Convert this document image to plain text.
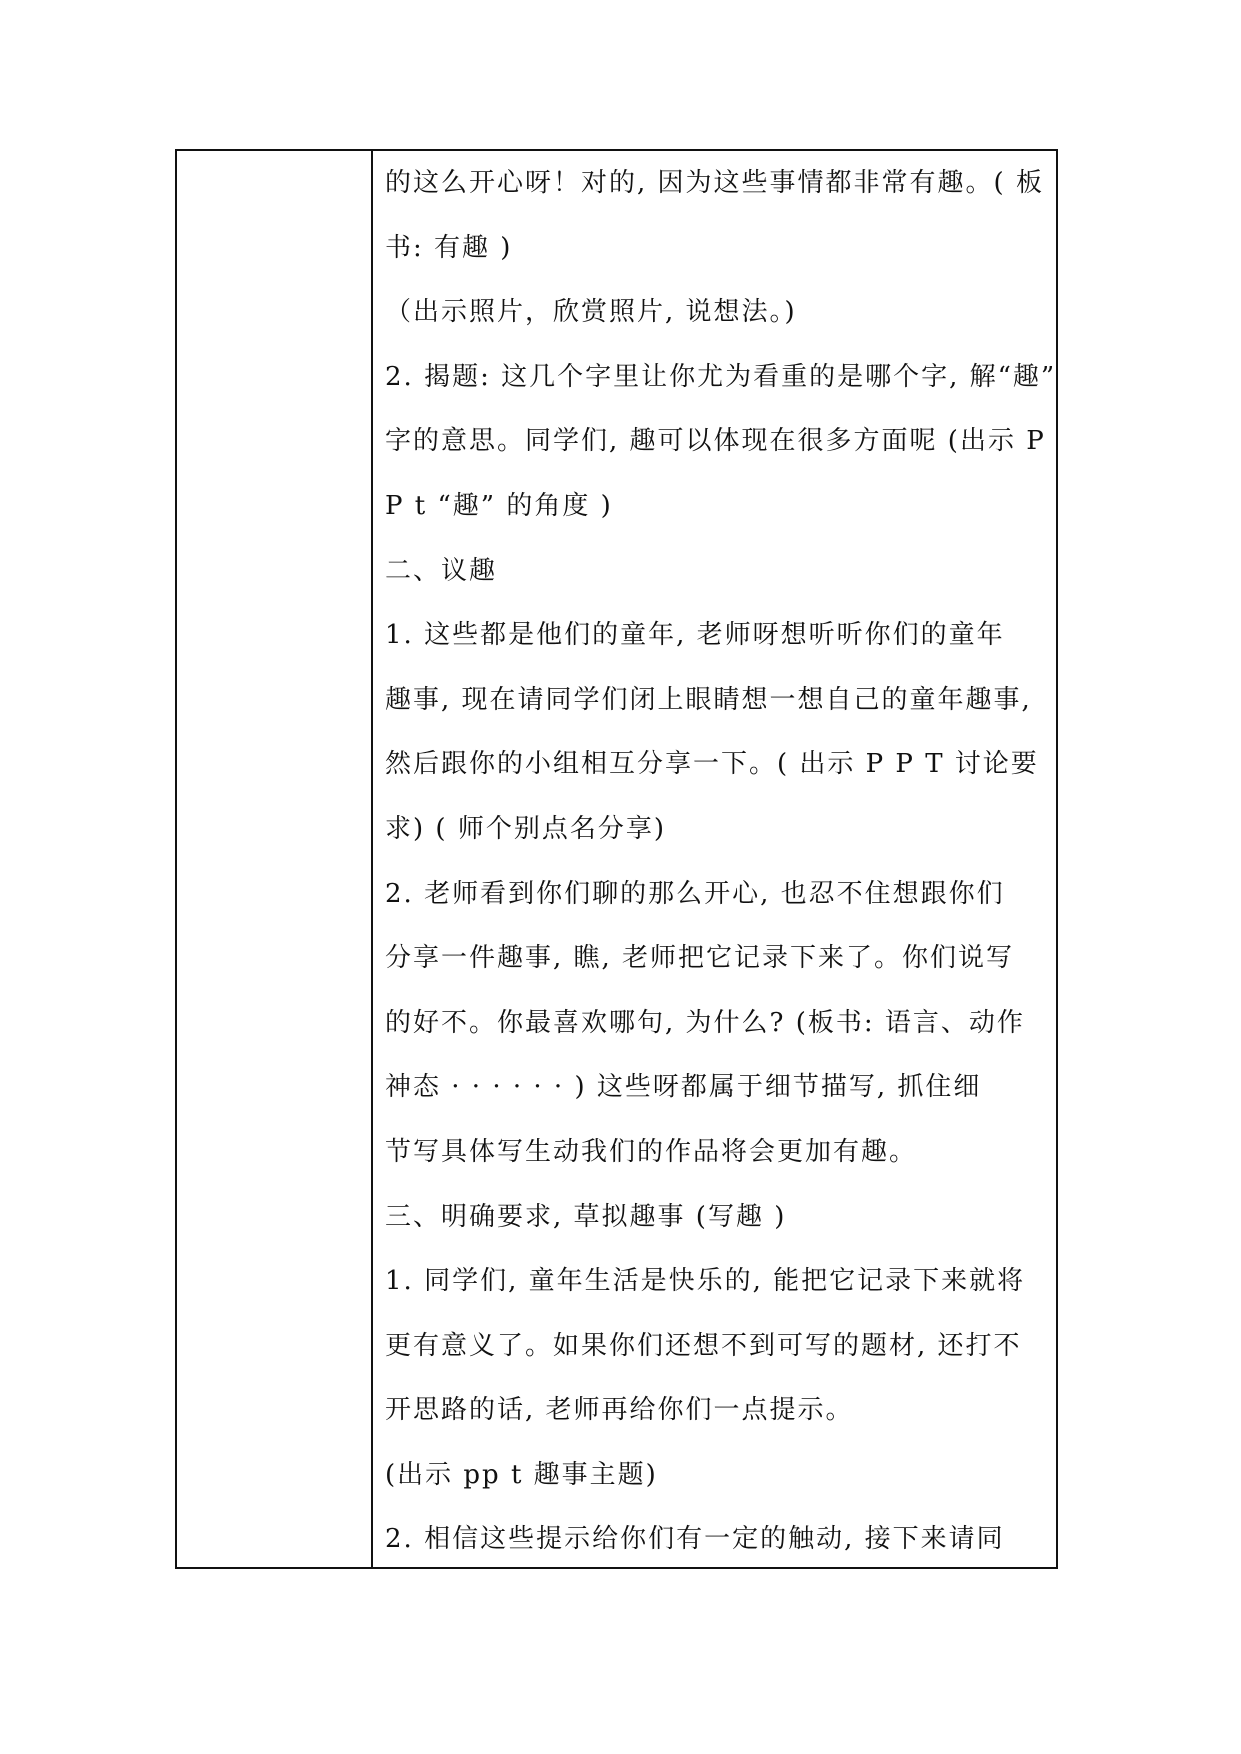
的这么开心呀！对的, 因为这些事情都非常有趣。( 板
书: 有趣 )
（出示照片，欣赏照片, 说想法。)
2. 揭题: 这几个字里让你尤为看重的是哪个字, 解“趣”
字的意思。同学们, 趣可以体现在很多方面呢 (出示 P
P t “趣” 的角度 )
二、议趣
1. 这些都是他们的童年, 老师呀想听听你们的童年
趣事, 现在请同学们闭上眼睛想一想自己的童年趣事,
然后跟你的小组相互分享一下。( 出示 P P T 讨论要
求) ( 师个别点名分享)
2. 老师看到你们聊的那么开心, 也忍不住想跟你们
分享一件趣事, 瞧, 老师把它记录下来了。你们说写
的好不。你最喜欢哪句, 为什么? (板书: 语言、动作
神态 · · · · · · ) 这些呀都属于细节描写, 抓住细
节写具体写生动我们的作品将会更加有趣。
三、明确要求, 草拟趣事 (写趣 )
1. 同学们, 童年生活是快乐的, 能把它记录下来就将
更有意义了。如果你们还想不到可写的题材, 还打不
开思路的话, 老师再给你们一点提示。
(出示 pp t 趣事主题)
2. 相信这些提示给你们有一定的触动, 接下来请同
